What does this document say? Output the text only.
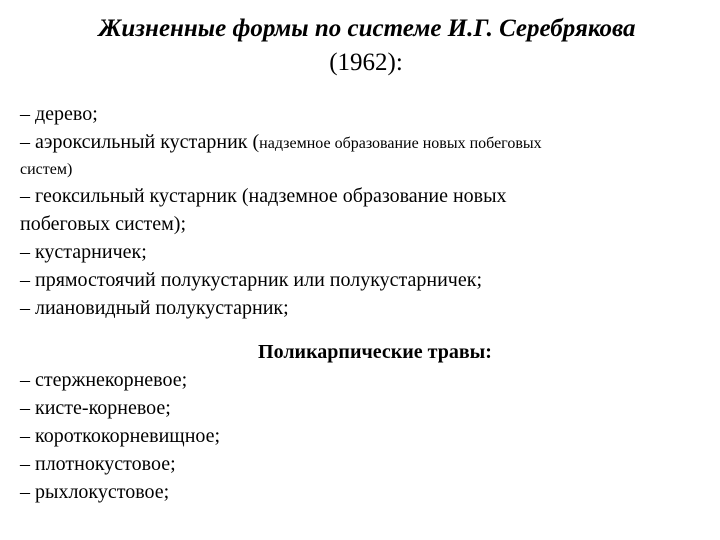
Жизненные формы по системе И.Г. Серебрякова
(1962):
– дерево;
– аэроксильный кустарник (надземное образование новых побеговых
систем)
– геоксильный кустарник (надземное образование новых побеговых систем);
– кустарничек;
– прямостоячий полукустарник или полукустарничек;
– лиановидный полукустарник;
Поликарпические травы:
– стержнекорневое;
– кисте-корневое;
– короткокорневищное;
– плотнокустовое;
– рыхлокустовое;
